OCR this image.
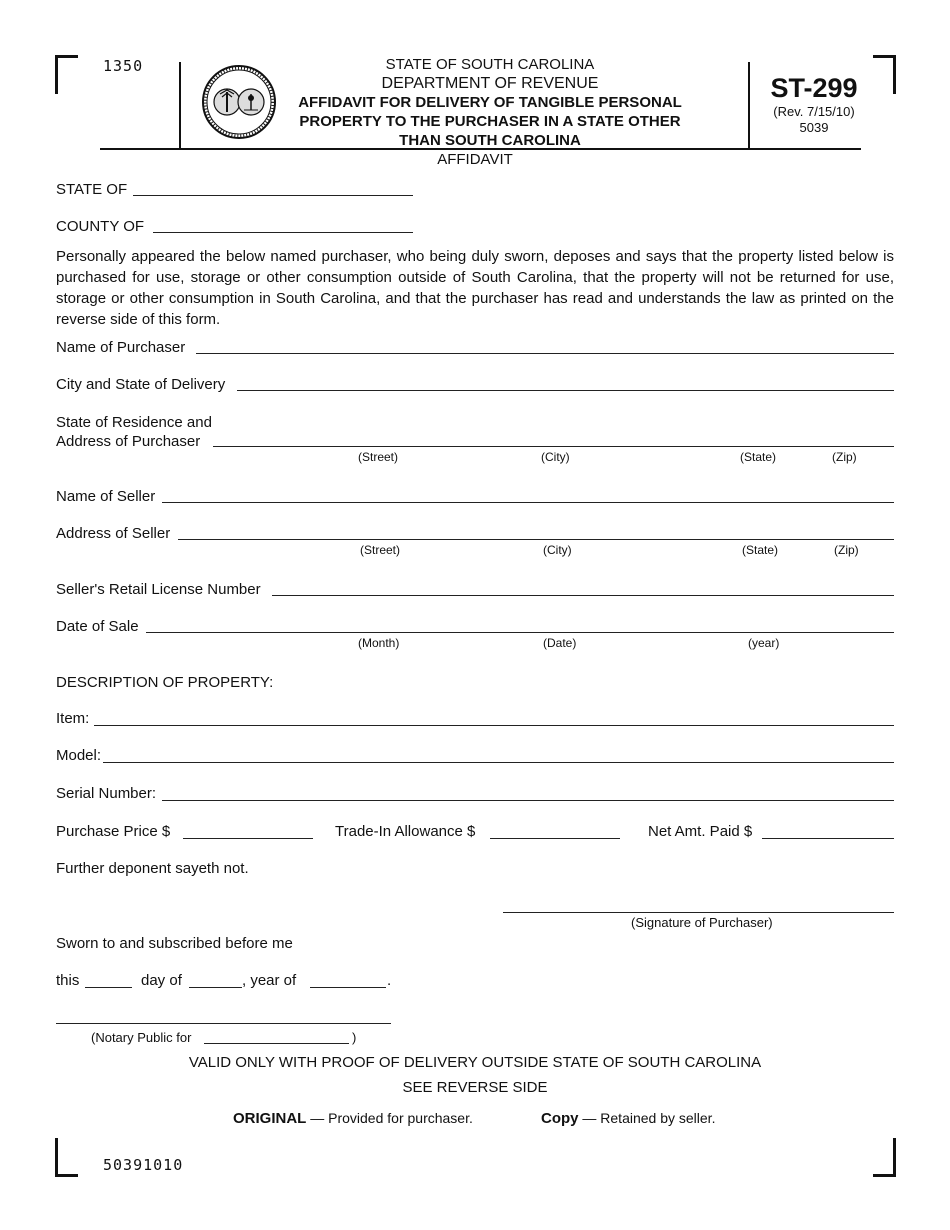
1350
50391010
STATE OF SOUTH CAROLINA
DEPARTMENT OF REVENUE
AFFIDAVIT FOR DELIVERY OF TANGIBLE PERSONAL
PROPERTY TO THE PURCHASER IN A STATE OTHER
THAN SOUTH CAROLINA
AFFIDAVIT
ST-299
(Rev. 7/15/10)
5039
STATE OF
COUNTY OF
Personally appeared the below named purchaser, who being duly sworn, deposes and says that the property listed below is purchased for use, storage or other consumption outside of South Carolina, that the property will not be returned for use, storage or other consumption in South Carolina, and that the purchaser has read and understands the law as printed on the reverse side of this form.
Name of Purchaser
City and State of Delivery
State of Residence and
Address of Purchaser
(Street)	(City)	(State)	(Zip)
Name of Seller
Address of Seller
(Street)	(City)	(State)	(Zip)
Seller's Retail License Number
Date of Sale
(Month)	(Date)	(year)
DESCRIPTION OF PROPERTY:
Item:
Model:
Serial Number:
Purchase Price $	Trade-In Allowance $	Net Amt. Paid $
Further deponent sayeth not.
(Signature of Purchaser)
Sworn to and subscribed before me
this	day of	, year of	.
(Notary Public for	)
VALID ONLY WITH PROOF OF DELIVERY OUTSIDE STATE OF SOUTH CAROLINA
SEE REVERSE SIDE
ORIGINAL — Provided for purchaser.	Copy — Retained by seller.
